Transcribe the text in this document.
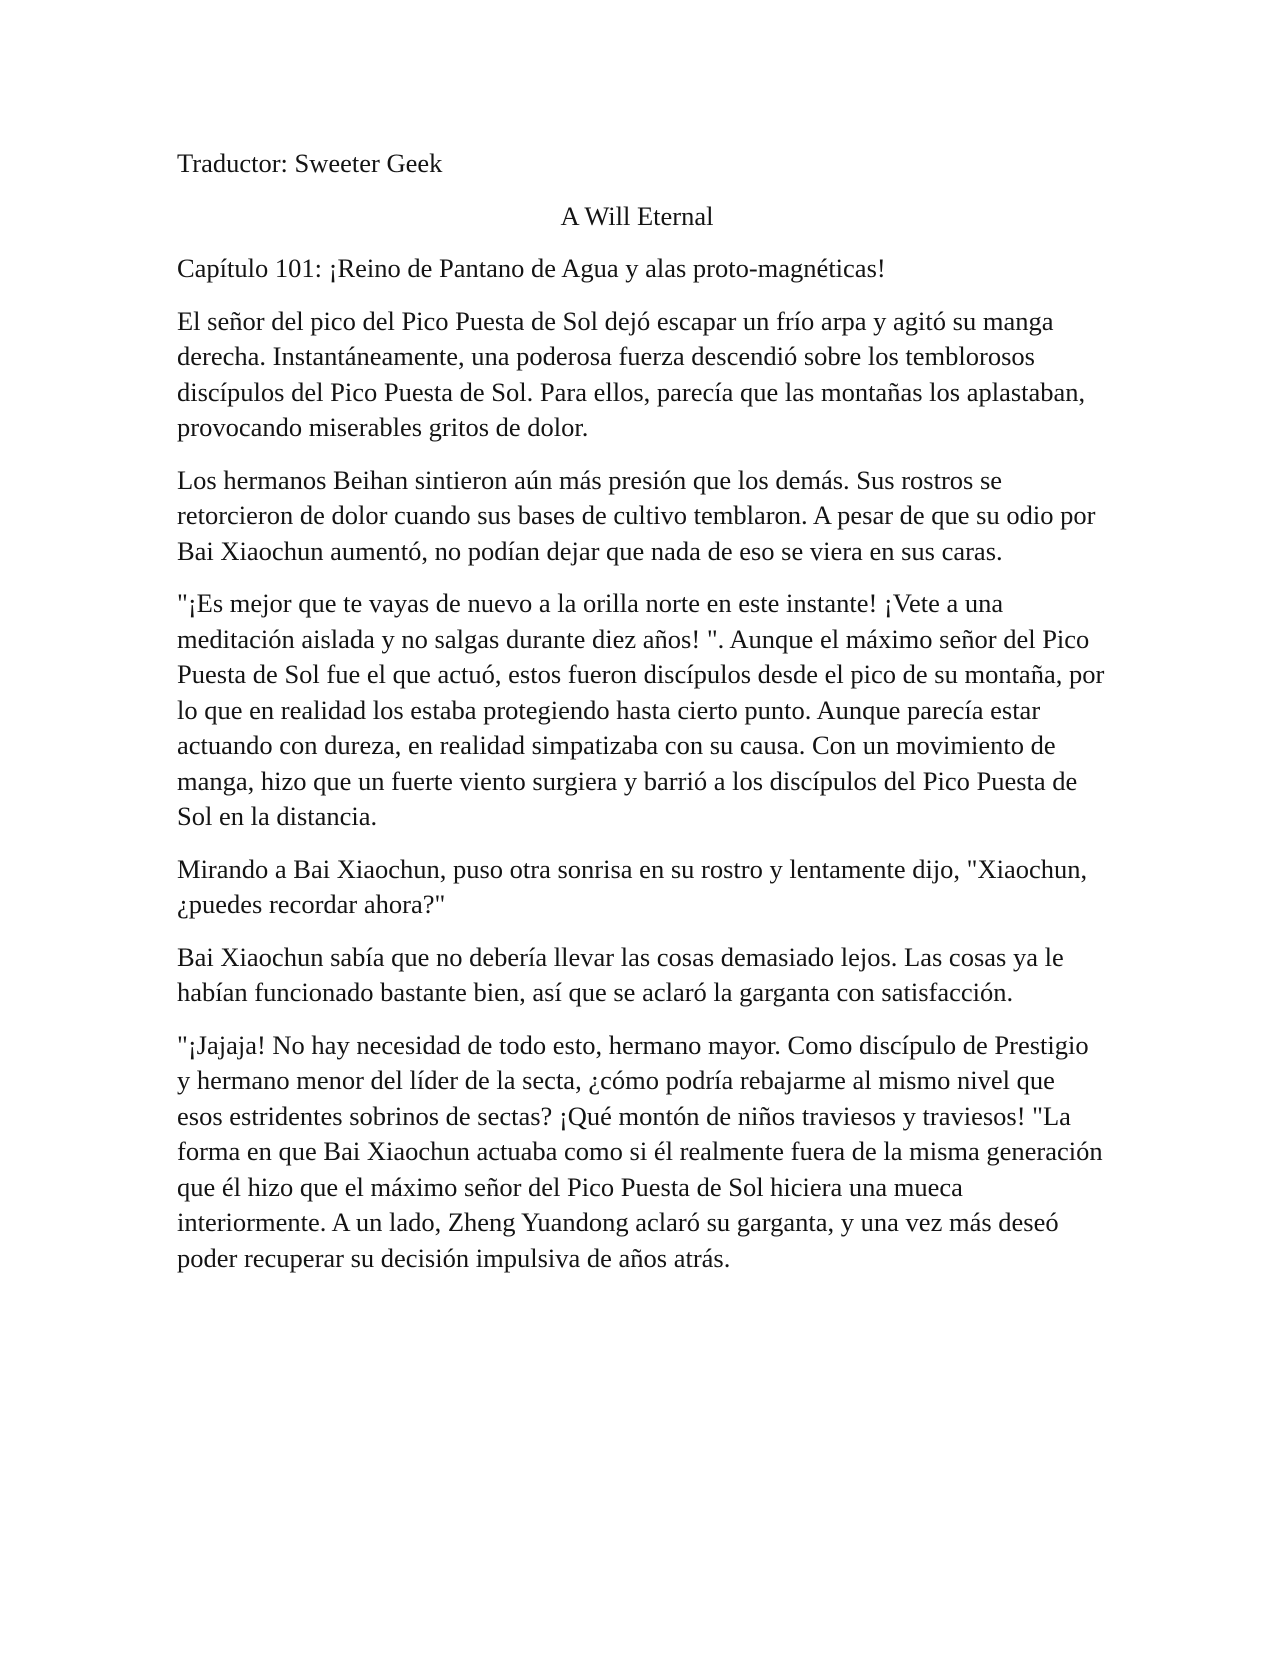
Traductor: Sweeter Geek

A Will Eternal

Capítulo 101: ¡Reino de Pantano de Agua y alas proto-magnéticas!

El señor del pico del Pico Puesta de Sol dejó escapar un frío arpa y agitó su manga derecha. Instantáneamente, una poderosa fuerza descendió sobre los temblorosos discípulos del Pico Puesta de Sol. Para ellos, parecía que las montañas los aplastaban, provocando miserables gritos de dolor.

Los hermanos Beihan sintieron aún más presión que los demás. Sus rostros se retorcieron de dolor cuando sus bases de cultivo temblaron. A pesar de que su odio por Bai Xiaochun aumentó, no podían dejar que nada de eso se viera en sus caras.

"¡Es mejor que te vayas de nuevo a la orilla norte en este instante! ¡Vete a una meditación aislada y no salgas durante diez años! ". Aunque el máximo señor del Pico Puesta de Sol fue el que actuó, estos fueron discípulos desde el pico de su montaña, por lo que en realidad los estaba protegiendo hasta cierto punto. Aunque parecía estar actuando con dureza, en realidad simpatizaba con su causa. Con un movimiento de manga, hizo que un fuerte viento surgiera y barrió a los discípulos del Pico Puesta de Sol en la distancia.

Mirando a Bai Xiaochun, puso otra sonrisa en su rostro y lentamente dijo, "Xiaochun, ¿puedes recordar ahora?"

Bai Xiaochun sabía que no debería llevar las cosas demasiado lejos. Las cosas ya le habían funcionado bastante bien, así que se aclaró la garganta con satisfacción.

"¡Jajaja! No hay necesidad de todo esto, hermano mayor. Como discípulo de Prestigio y hermano menor del líder de la secta, ¿cómo podría rebajarme al mismo nivel que esos estridentes sobrinos de sectas? ¡Qué montón de niños traviesos y traviesos! "La forma en que Bai Xiaochun actuaba como si él realmente fuera de la misma generación que él hizo que el máximo señor del Pico Puesta de Sol hiciera una mueca interiormente. A un lado, Zheng Yuandong aclaró su garganta, y una vez más deseó poder recuperar su decisión impulsiva de años atrás.
